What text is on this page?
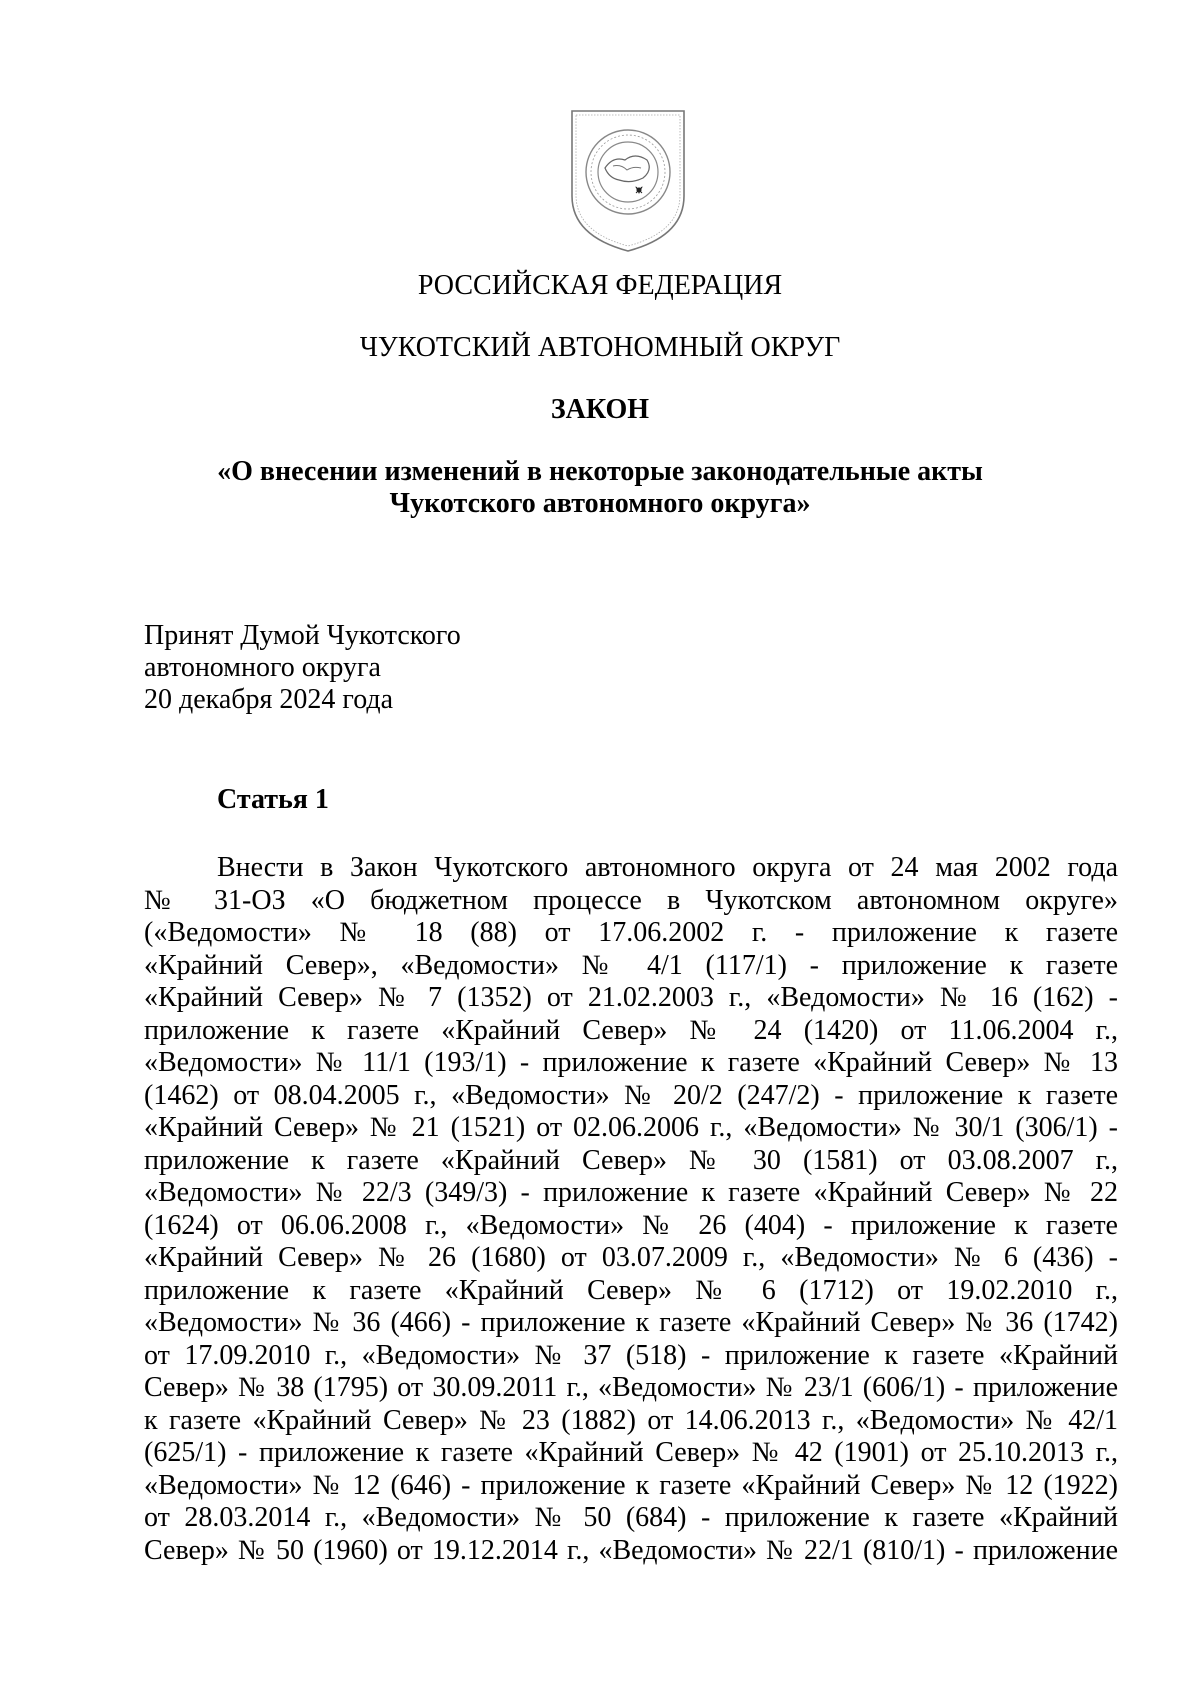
РОССИЙСКАЯ ФЕДЕРАЦИЯ
ЧУКОТСКИЙ АВТОНОМНЫЙ ОКРУГ
ЗАКОН
«О внесении изменений в некоторые законодательные акты
Чукотского автономного округа»
Принят Думой Чукотского
автономного округа
20 декабря 2024 года
Статья 1
Внести в Закон Чукотского автономного округа от 24 мая 2002 года
№ 31-ОЗ «О бюджетном процессе в Чукотском автономном округе»
(«Ведомости» № 18 (88) от 17.06.2002 г. - приложение к газете
«Крайний Север», «Ведомости» № 4/1 (117/1) - приложение к газете
«Крайний Север» № 7 (1352) от 21.02.2003 г., «Ведомости» № 16 (162) -
приложение к газете «Крайний Север» № 24 (1420) от 11.06.2004 г.,
«Ведомости» № 11/1 (193/1) - приложение к газете «Крайний Север» № 13
(1462) от 08.04.2005 г., «Ведомости» № 20/2 (247/2) - приложение к газете
«Крайний Север» № 21 (1521) от 02.06.2006 г., «Ведомости» № 30/1 (306/1) -
приложение к газете «Крайний Север» № 30 (1581) от 03.08.2007 г.,
«Ведомости» № 22/3 (349/3) - приложение к газете «Крайний Север» № 22
(1624) от 06.06.2008 г., «Ведомости» № 26 (404) - приложение к газете
«Крайний Север» № 26 (1680) от 03.07.2009 г., «Ведомости» № 6 (436) -
приложение к газете «Крайний Север» № 6 (1712) от 19.02.2010 г.,
«Ведомости» № 36 (466) - приложение к газете «Крайний Север» № 36 (1742)
от 17.09.2010 г., «Ведомости» № 37 (518) - приложение к газете «Крайний
Север» № 38 (1795) от 30.09.2011 г., «Ведомости» № 23/1 (606/1) - приложение
к газете «Крайний Север» № 23 (1882) от 14.06.2013 г., «Ведомости» № 42/1
(625/1) - приложение к газете «Крайний Север» № 42 (1901) от 25.10.2013 г.,
«Ведомости» № 12 (646) - приложение к газете «Крайний Север» № 12 (1922)
от 28.03.2014 г., «Ведомости» № 50 (684) - приложение к газете «Крайний
Север» № 50 (1960) от 19.12.2014 г., «Ведомости» № 22/1 (810/1) - приложение
